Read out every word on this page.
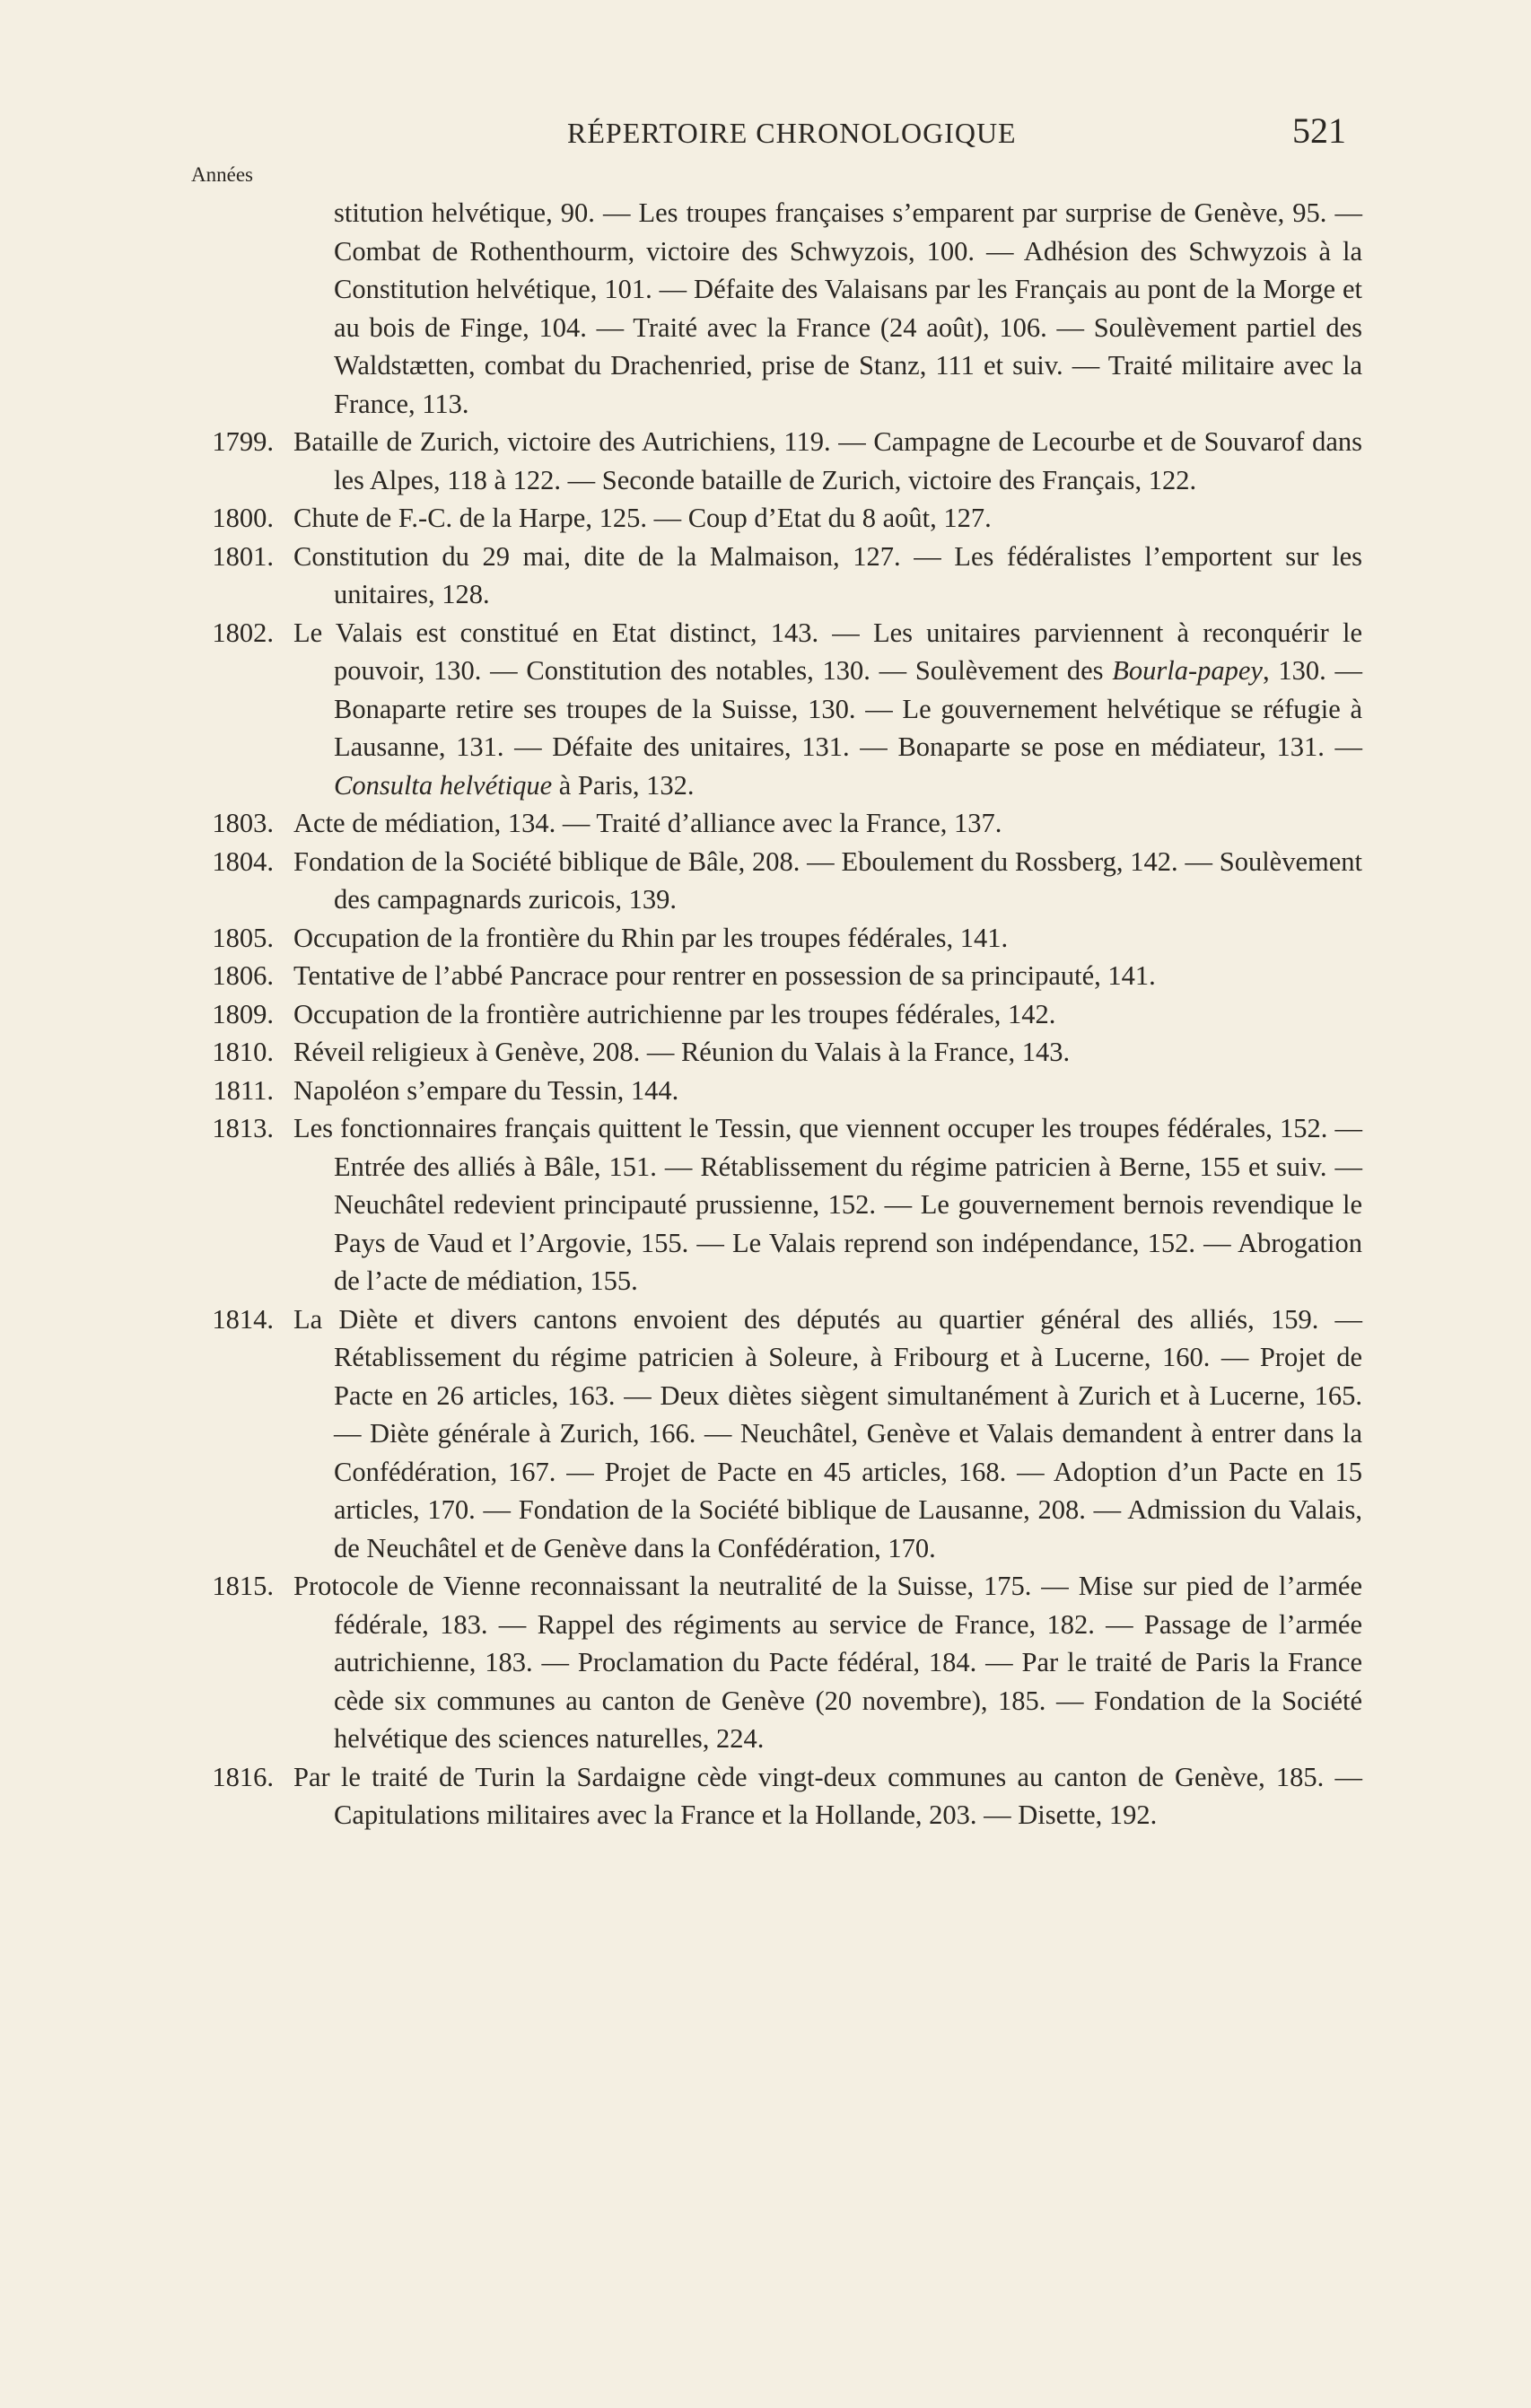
RÉPERTOIRE CHRONOLOGIQUE	521
Années
stitution helvétique, 90. — Les troupes françaises s’emparent par surprise de Genève, 95. — Combat de Rothenthourm, victoire des Schwyzois, 100. — Adhésion des Schwyzois à la Constitution helvétique, 101. — Défaite des Valaisans par les Français au pont de la Morge et au bois de Finge, 104. — Traité avec la France (24 août), 106. — Soulèvement partiel des Waldstætten, combat du Drachenried, prise de Stanz, 111 et suiv. — Traité militaire avec la France, 113.
1799. Bataille de Zurich, victoire des Autrichiens, 119. — Campagne de Lecourbe et de Souvarof dans les Alpes, 118 à 122. — Seconde bataille de Zurich, victoire des Français, 122.
1800. Chute de F.-C. de la Harpe, 125. — Coup d’Etat du 8 août, 127.
1801. Constitution du 29 mai, dite de la Malmaison, 127. — Les fédéralistes l’emportent sur les unitaires, 128.
1802. Le Valais est constitué en Etat distinct, 143. — Les unitaires parviennent à reconquérir le pouvoir, 130. — Constitution des notables, 130. — Soulèvement des Bourla-papey, 130. — Bonaparte retire ses troupes de la Suisse, 130. — Le gouvernement helvétique se réfugie à Lausanne, 131. — Défaite des unitaires, 131. — Bonaparte se pose en médiateur, 131. — Consulta helvétique à Paris, 132.
1803. Acte de médiation, 134. — Traité d’alliance avec la France, 137.
1804. Fondation de la Société biblique de Bâle, 208. — Eboulement du Rossberg, 142. — Soulèvement des campagnards zuricois, 139.
1805. Occupation de la frontière du Rhin par les troupes fédérales, 141.
1806. Tentative de l’abbé Pancrace pour rentrer en possession de sa principauté, 141.
1809. Occupation de la frontière autrichienne par les troupes fédérales, 142.
1810. Réveil religieux à Genève, 208. — Réunion du Valais à la France, 143.
1811. Napoléon s’empare du Tessin, 144.
1813. Les fonctionnaires français quittent le Tessin, que viennent occuper les troupes fédérales, 152. — Entrée des alliés à Bâle, 151. — Rétablissement du régime patricien à Berne, 155 et suiv. — Neuchâtel redevient principauté prussienne, 152. — Le gouvernement bernois revendique le Pays de Vaud et l’Argovie, 155. — Le Valais reprend son indépendance, 152. — Abrogation de l’acte de médiation, 155.
1814. La Diète et divers cantons envoient des députés au quartier général des alliés, 159. — Rétablissement du régime patricien à Soleure, à Fribourg et à Lucerne, 160. — Projet de Pacte en 26 articles, 163. — Deux diètes siègent simultanément à Zurich et à Lucerne, 165. — Diète générale à Zurich, 166. — Neuchâtel, Genève et Valais demandent à entrer dans la Confédération, 167. — Projet de Pacte en 45 articles, 168. — Adoption d’un Pacte en 15 articles, 170. — Fondation de la Société biblique de Lausanne, 208. — Admission du Valais, de Neuchâtel et de Genève dans la Confédération, 170.
1815. Protocole de Vienne reconnaissant la neutralité de la Suisse, 175. — Mise sur pied de l’armée fédérale, 183. — Rappel des régiments au service de France, 182. — Passage de l’armée autrichienne, 183. — Proclamation du Pacte fédéral, 184. — Par le traité de Paris la France cède six communes au canton de Genève (20 novembre), 185. — Fondation de la Société helvétique des sciences naturelles, 224.
1816. Par le traité de Turin la Sardaigne cède vingt-deux communes au canton de Genève, 185. — Capitulations militaires avec la France et la Hollande, 203. — Disette, 192.
